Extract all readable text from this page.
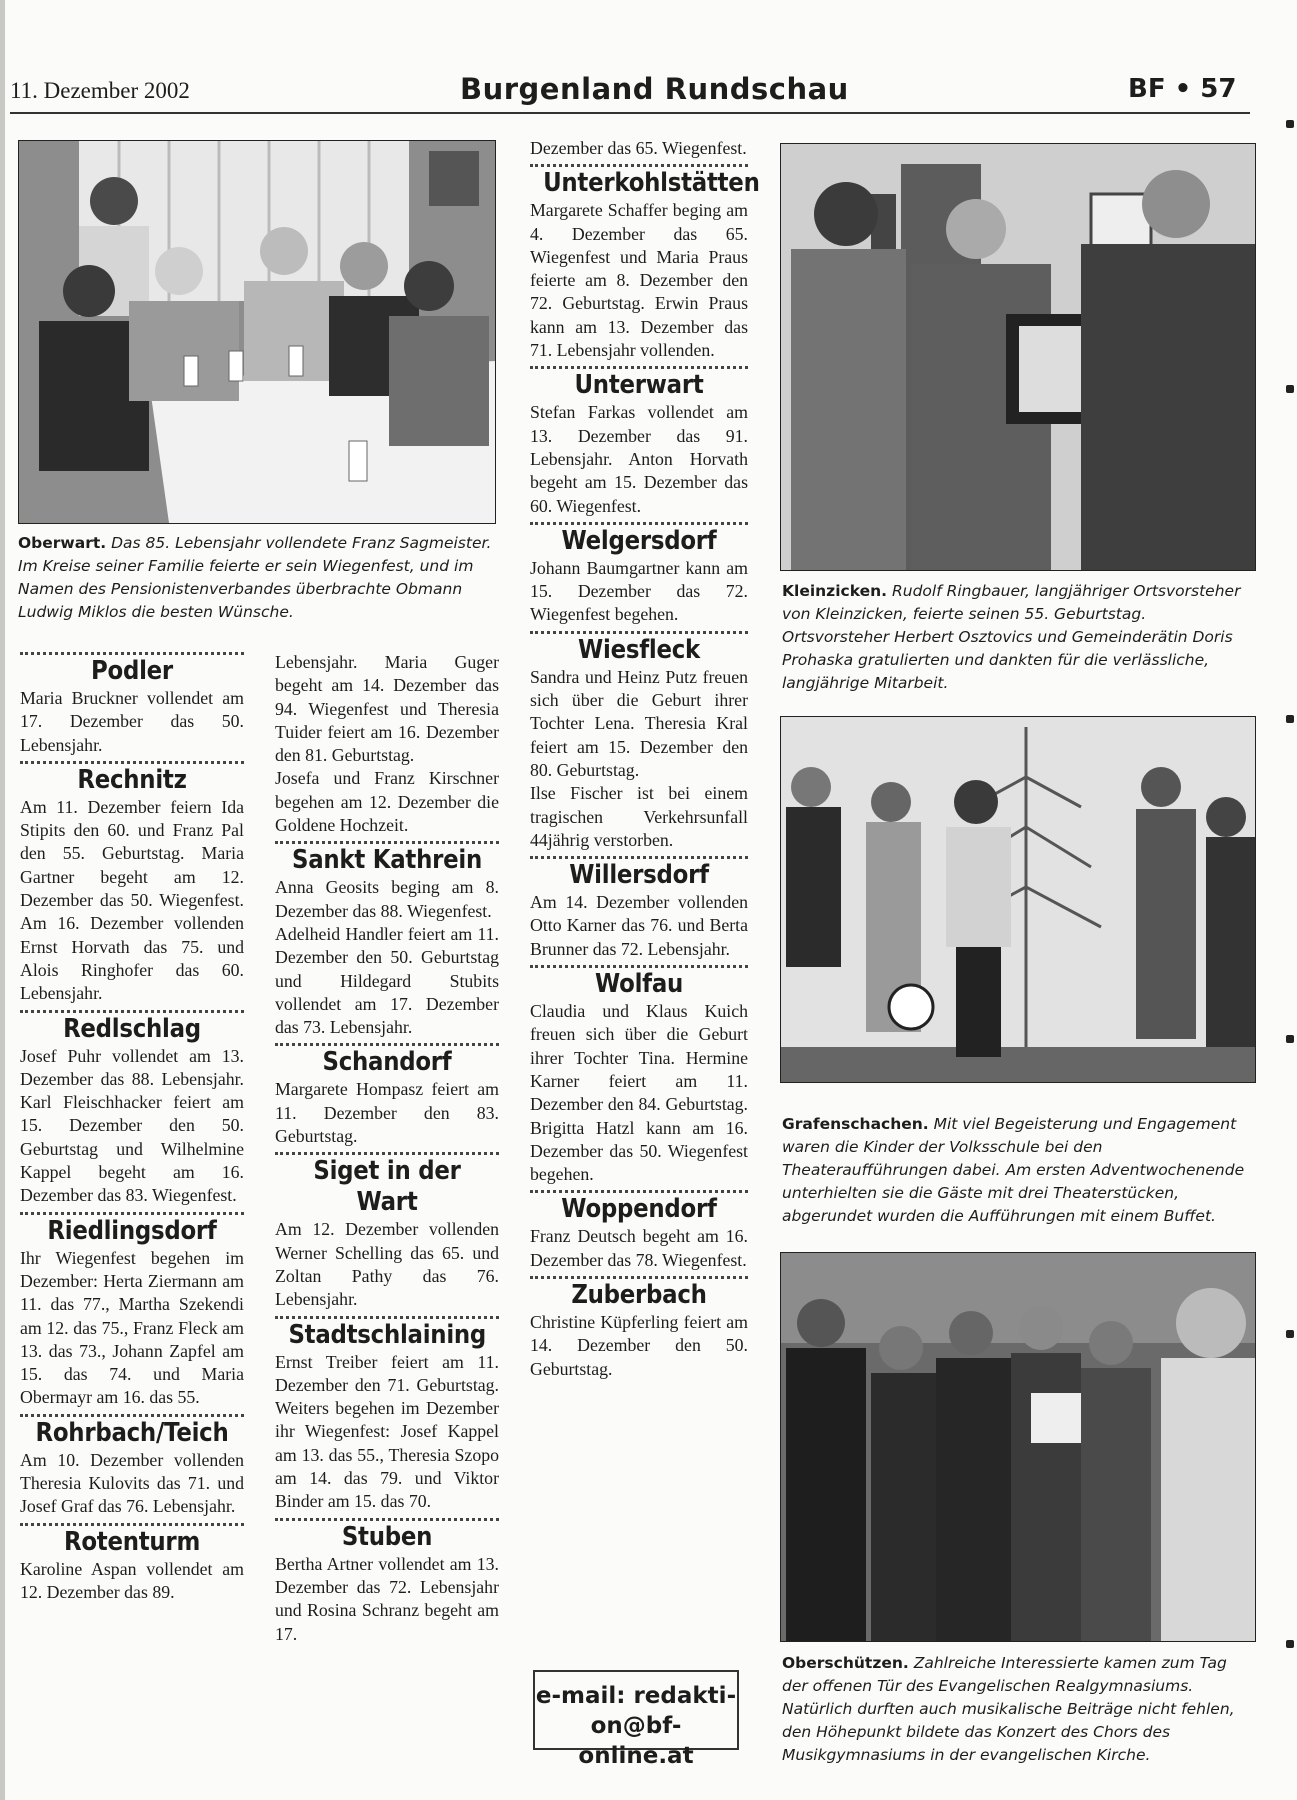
11. Dezember 2002	Burgenland Rundschau	BF • 57
Oberwart. Das 85. Lebensjahr vollendete Franz Sagmeister. Im Kreise seiner Familie feierte er sein Wiegenfest, und im Namen des Pensionistenverbandes überbrachte Obmann Ludwig Miklos die besten Wünsche.
Podler

Maria Bruckner vollendet am 17. Dezember das 50. Lebensjahr.

Rechnitz

Am 11. Dezember feiern Ida Stipits den 60. und Franz Pal den 55. Geburtstag. Maria Gartner begeht am 12. Dezember das 50. Wiegenfest. Am 16. Dezember vollenden Ernst Horvath das 75. und Alois Ringhofer das 60. Lebensjahr.

Redlschlag

Josef Puhr vollendet am 13. Dezember das 88. Lebensjahr. Karl Fleischhacker feiert am 15. Dezember den 50. Geburtstag und Wilhelmine Kappel begeht am 16. Dezember das 83. Wiegenfest.

Riedlingsdorf

Ihr Wiegenfest begehen im Dezember: Herta Ziermann am 11. das 77., Martha Szekendi am 12. das 75., Franz Fleck am 13. das 73., Johann Zapfel am 15. das 74. und Maria Obermayr am 16. das 55.

Rohrbach/Teich

Am 10. Dezember vollenden Theresia Kulovits das 71. und Josef Graf das 76. Lebensjahr.

Rotenturm

Karoline Aspan vollendet am 12. Dezember das 89.

Lebensjahr. Maria Guger begeht am 14. Dezember das 94. Wiegenfest und Theresia Tuider feiert am 16. Dezember den 81. Geburtstag.

Josefa und Franz Kirschner begehen am 12. Dezember die Goldene Hochzeit.

Sankt Kathrein

Anna Geosits beging am 8. Dezember das 88. Wiegenfest.

Adelheid Handler feiert am 11. Dezember den 50. Geburtstag und Hildegard Stubits vollendet am 17. Dezember das 73. Lebensjahr.

Schandorf

Margarete Hompasz feiert am 11. Dezember den 83. Geburtstag.

Siget in der Wart

Am 12. Dezember vollenden Werner Schelling das 65. und Zoltan Pathy das 76. Lebensjahr.

Stadtschlaining

Ernst Treiber feiert am 11. Dezember den 71. Geburtstag. Weiters begehen im Dezember ihr Wiegenfest: Josef Kappel am 13. das 55., Theresia Szopo am 14. das 79. und Viktor Binder am 15. das 70.

Stuben

Bertha Artner vollendet am 13. Dezember das 72. Lebensjahr und Rosina Schranz begeht am 17.

Dezember das 65. Wiegenfest.

Unterkohlstätten

Margarete Schaffer beging am 4. Dezember das 65. Wiegenfest und Maria Praus feierte am 8. Dezember den 72. Geburtstag. Erwin Praus kann am 13. Dezember das 71. Lebensjahr vollenden.

Unterwart

Stefan Farkas vollendet am 13. Dezember das 91. Lebensjahr. Anton Horvath begeht am 15. Dezember das 60. Wiegenfest.

Welgersdorf

Johann Baumgartner kann am 15. Dezember das 72. Wiegenfest begehen.

Wiesfleck

Sandra und Heinz Putz freuen sich über die Geburt ihrer Tochter Lena. Theresia Kral feiert am 15. Dezember den 80. Geburtstag.

Ilse Fischer ist bei einem tragischen Verkehrsunfall 44jährig verstorben.

Willersdorf

Am 14. Dezember vollenden Otto Karner das 76. und Berta Brunner das 72. Lebensjahr.

Wolfau

Claudia und Klaus Kuich freuen sich über die Geburt ihrer Tochter Tina. Hermine Karner feiert am 11. Dezember den 84. Geburtstag. Brigitta Hatzl kann am 16. Dezember das 50. Wiegenfest begehen.

Woppendorf

Franz Deutsch begeht am 16. Dezember das 78. Wiegenfest.

Zuberbach

Christine Küpferling feiert am 14. Dezember den 50. Geburtstag.

e-mail: redakti-
on@bf-online.at
Kleinzicken. Rudolf Ringbauer, langjähriger Ortsvorsteher von Kleinzicken, feierte seinen 55. Geburtstag. Ortsvorsteher Herbert Osztovics und Gemeinderätin Doris Prohaska gratulierten und dankten für die verlässliche, langjährige Mitarbeit.
Grafenschachen. Mit viel Begeisterung und Engagement waren die Kinder der Volksschule bei den Theateraufführungen dabei. Am ersten Adventwochenende unterhielten sie die Gäste mit drei Theaterstücken, abgerundet wurden die Aufführungen mit einem Buffet.
Oberschützen. Zahlreiche Interessierte kamen zum Tag der offenen Tür des Evangelischen Realgymnasiums. Natürlich durften auch musikalische Beiträge nicht fehlen, den Höhepunkt bildete das Konzert des Chors des Musikgymnasiums in der evangelischen Kirche.
